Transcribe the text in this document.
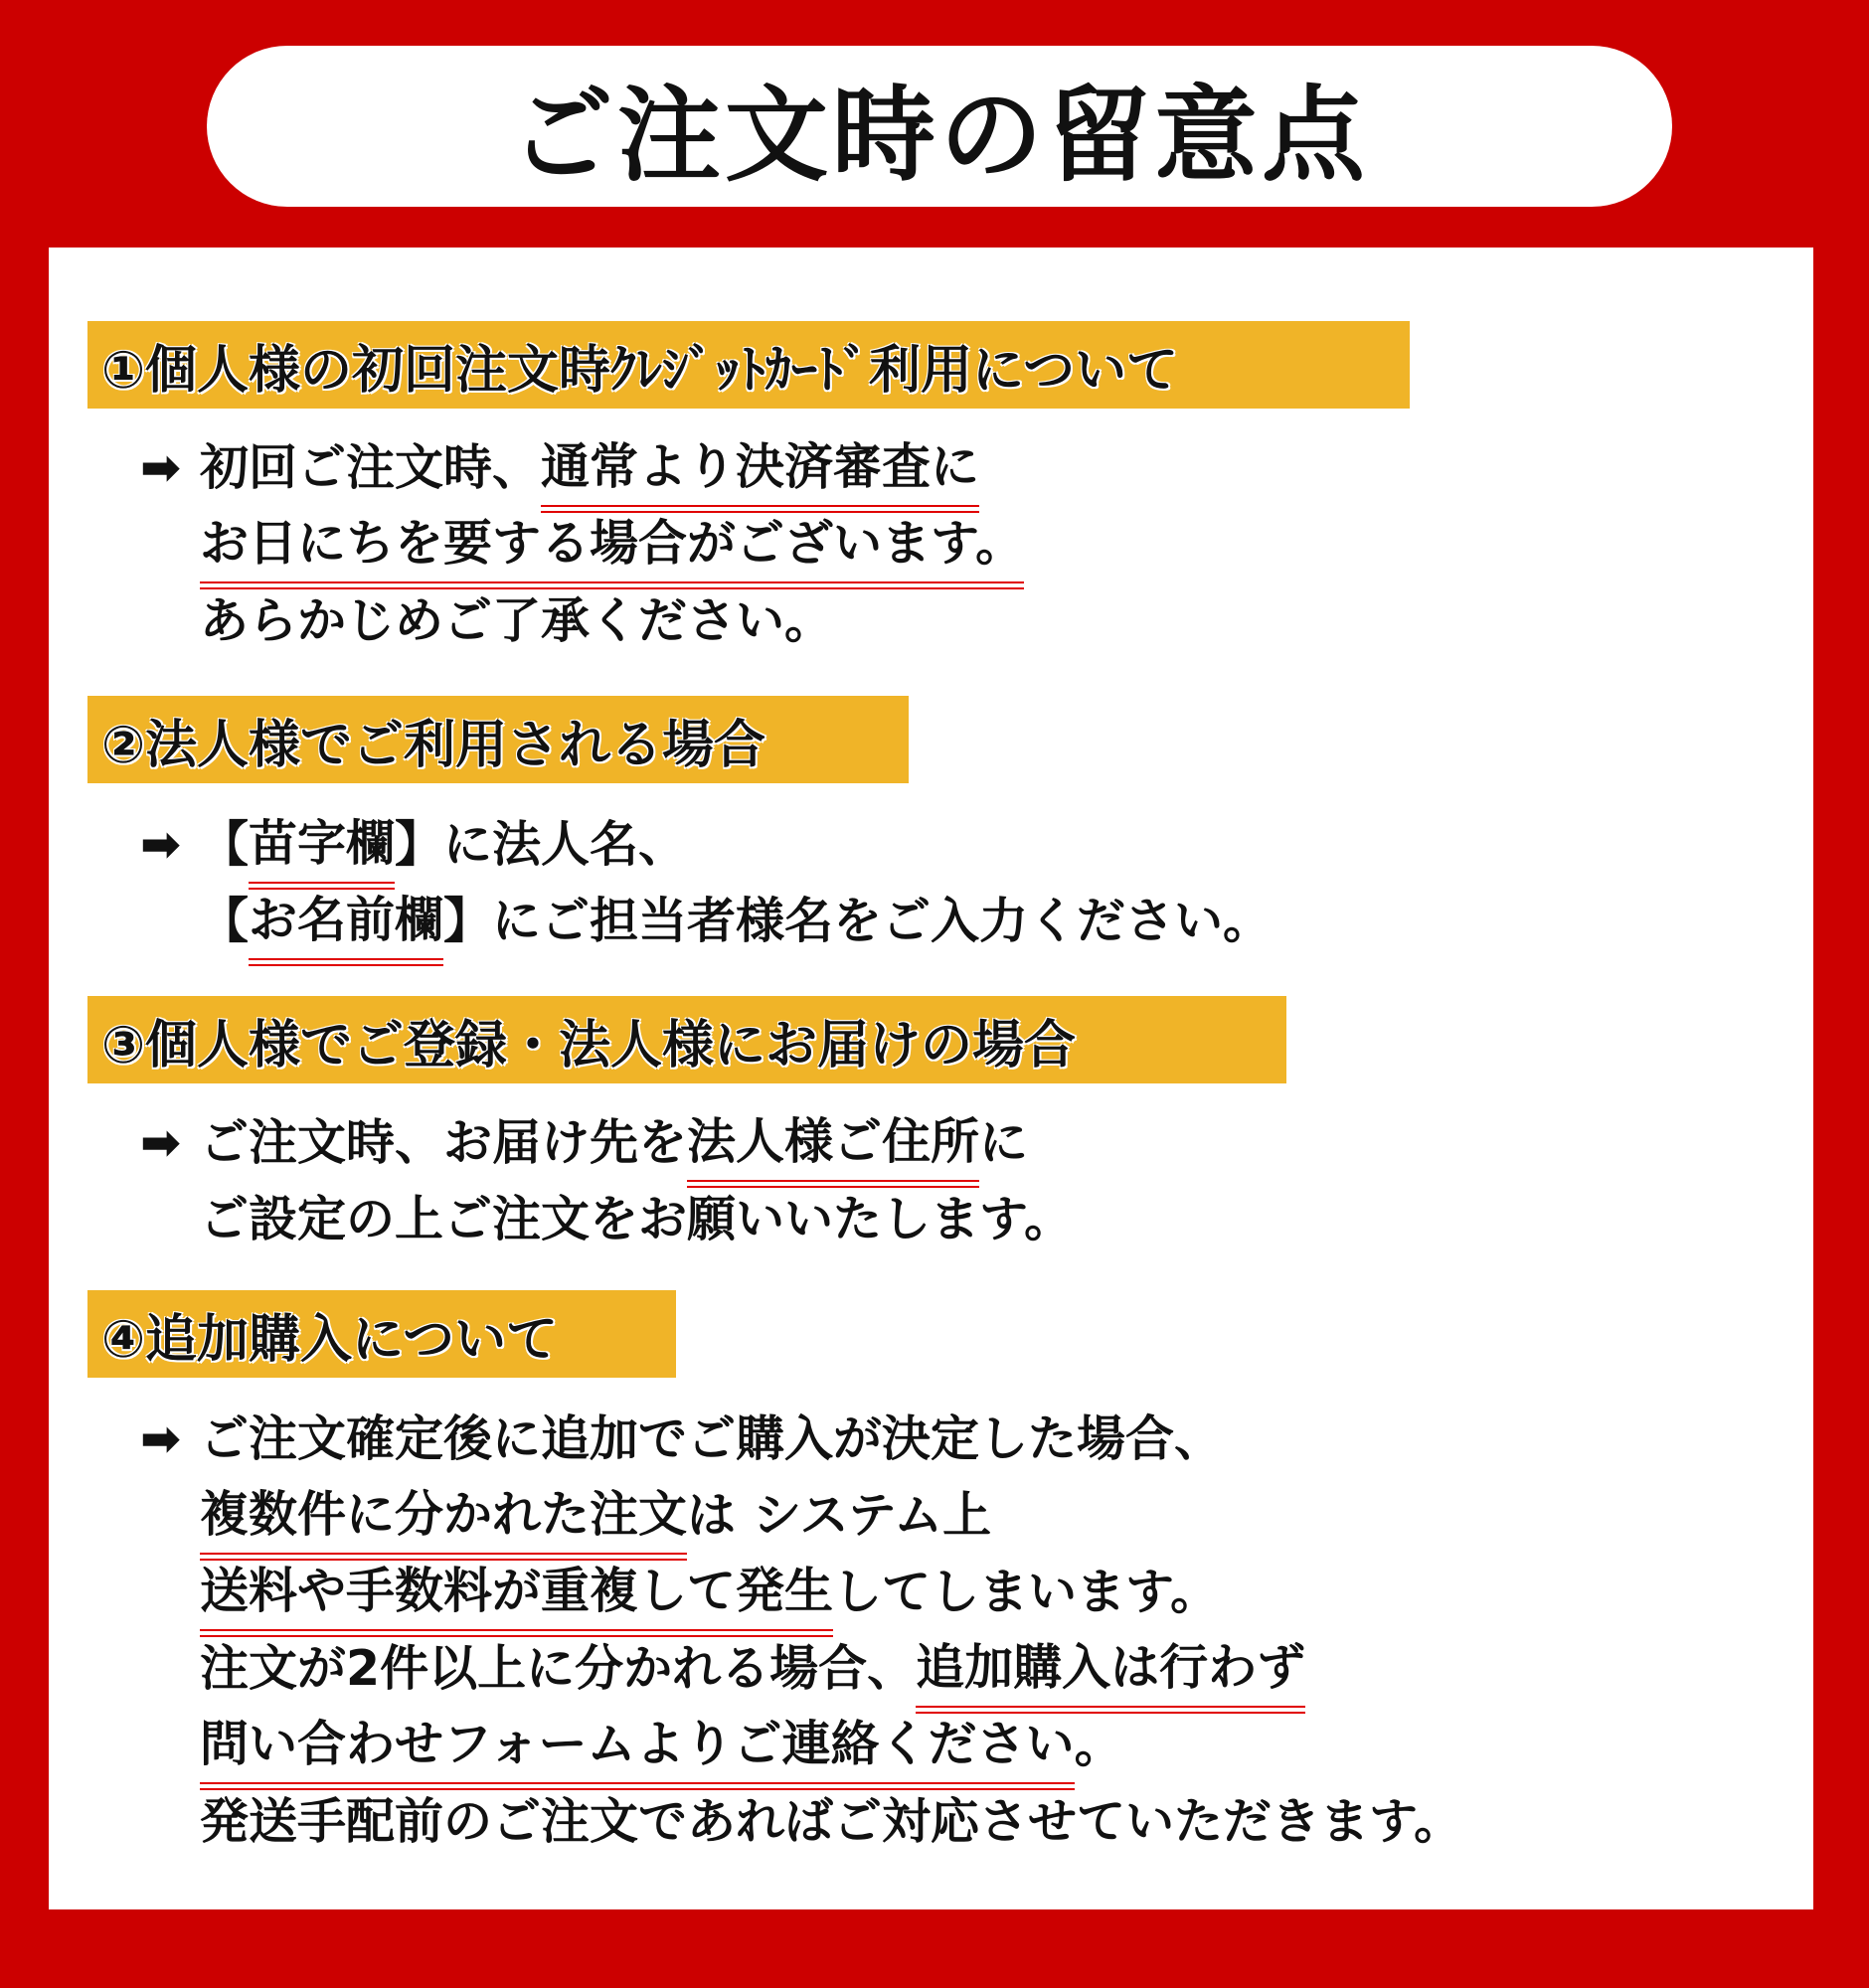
ご注文時の留意点
①個人様の初回注文時ｸﾚｼﾞｯﾄｶｰﾄﾞ利用について
➡ 初回ご注文時、 通常より決済審査に
お日にちを要する場合がございます。
あらかじめご了承ください。
②法人様でご利用される場合
➡ 【 苗字欄 】に法人名、
【 お名前欄 】にご担当者様名をご入力ください。
③個人様でご登録・法人様にお届けの場合
➡ ご注文時、お届け先を 法人様ご住所 に
ご設定の上ご注文をお願いいたします。
④追加購入について
➡ ご注文確定後に追加でご購入が決定した場合、
複数件に分かれた注文 は システム上
送料や手数料が重複して発生 してしまいます。
注文が2件以上に分かれる場合、 追加購入は行わず
問い合わせフォームよりご連絡ください 。
発送手配前のご注文であればご対応させていただきます。
